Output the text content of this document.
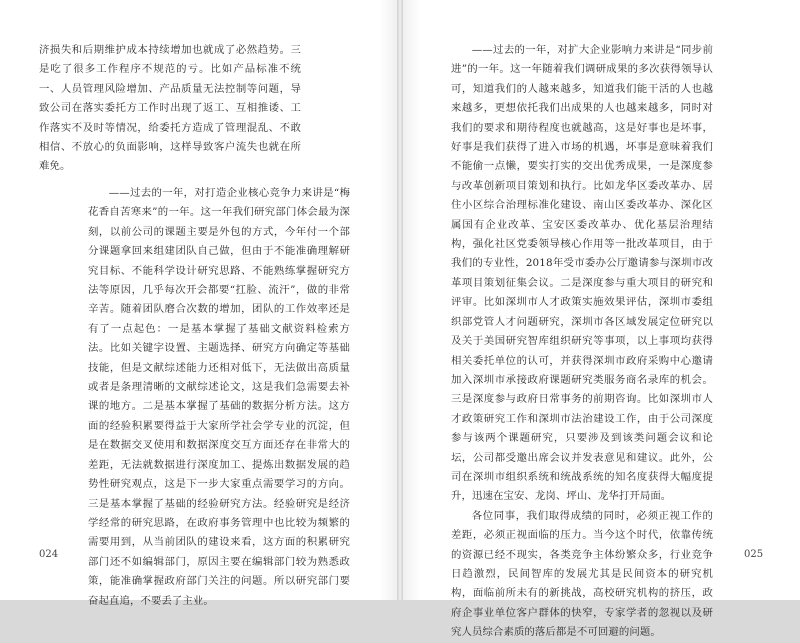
济损失和后期维护成本持续增加也就成了必然趋势。三是吃了很多工作程序不规范的亏。比如产品标准不统一、人员管理风险增加、产品质量无法控制等问题，导致公司在落实委托方工作时出现了返工、互相推诿、工作落实不及时等情况，给委托方造成了管理混乱、不敢相信、不放心的负面影响，这样导致客户流失也就在所难免。

——过去的一年，对打造企业核心竞争力来讲是“梅花香自苦寒来”的一年。这一年我们研究部门体会最为深刻，以前公司的课题主要是外包的方式，今年付一个部分课题拿回来组建团队自己做，但由于不能准确理解研究目标、不能科学设计研究思路、不能熟练掌握研究方法等原因，几乎每次开会都要“扛脸、流汗”，做的非常辛苦。随着团队磨合次数的增加，团队的工作效率还是有了一点起色：一是基本掌握了基础文献资料检索方法。比如关键字设置、主题选择、研究方向确定等基础技能，但是文献综述能力还相对低下，无法做出高质量或者是条理清晰的文献综述论文，这是我们急需要去补课的地方。二是基本掌握了基础的数据分析方法。这方面的经验积累要得益于大家所学社会学专业的沉淀，但是在数据交叉使用和数据深度交互方面还存在非常大的差距，无法就数据进行深度加工、提炼出数据发展的趋势性研究观点，这是下一步大家重点需要学习的方向。三是基本掌握了基础的经验研究方法。经验研究是经济学经常的研究思路，在政府事务管理中也比较为频繁的需要用到，从当前团队的建设来看，这方面的积累研究部门还不如编辑部门，原因主要在编辑部门较为熟悉政策，能准确掌握政府部门关注的问题。所以研究部门要奋起直追，不要丢了主业。

024

——过去的一年，对扩大企业影响力来讲是“同步前进”的一年。这一年随着我们调研成果的多次获得领导认可，知道我们的人越来越多，知道我们能干活的人也越来越多，更想依托我们出成果的人也越来越多，同时对我们的要求和期待程度也就越高，这是好事也是坏事，好事是我们获得了进入市场的机遇，坏事是意味着我们不能偷一点懒，要实打实的交出优秀成果，一是深度参与改革创新项目策划和执行。比如龙华区委改革办、居住小区综合治理标准化建设、南山区委改革办、深化区属国有企业改革、宝安区委改革办、优化基层治理结构，强化社区党委领导核心作用等一批改革项目，由于我们的专业性，2018年受市委办公厅邀请参与深圳市改革项目策划征集会议。二是深度参与重大项目的研究和评审。比如深圳市人才政策实施效果评估，深圳市委组织部党管人才问题研究，深圳市各区域发展定位研究以及关于美国研究智库组织研究等事项，以上事项均获得相关委托单位的认可，并获得深圳市政府采购中心邀请加入深圳市承接政府课题研究类服务商名录库的机会。三是深度参与政府日常事务的前期咨询。比如深圳市人才政策研究工作和深圳市法治建设工作，由于公司深度参与该两个课题研究，只要涉及到该类问题会议和论坛，公司都受邀出席会议并发表意见和建议。此外，公司在深圳市组织系统和统战系统的知名度获得大幅度提升，迅速在宝安、龙岗、坪山、龙华打开局面。

各位同事，我们取得成绩的同时，必须正视工作的差距，必须正视面临的压力。当今这个时代，依靠传统的资源已经不现实，各类竞争主体纷繁众多，行业竞争日趋激烈，民间智库的发展尤其是民间资本的研究机构，面临前所未有的新挑战，高校研究机构的挤压，政府企事业单位客户群体的快窄，专家学者的忽视以及研究人员综合素质的落后都是不可回避的问题。

025
